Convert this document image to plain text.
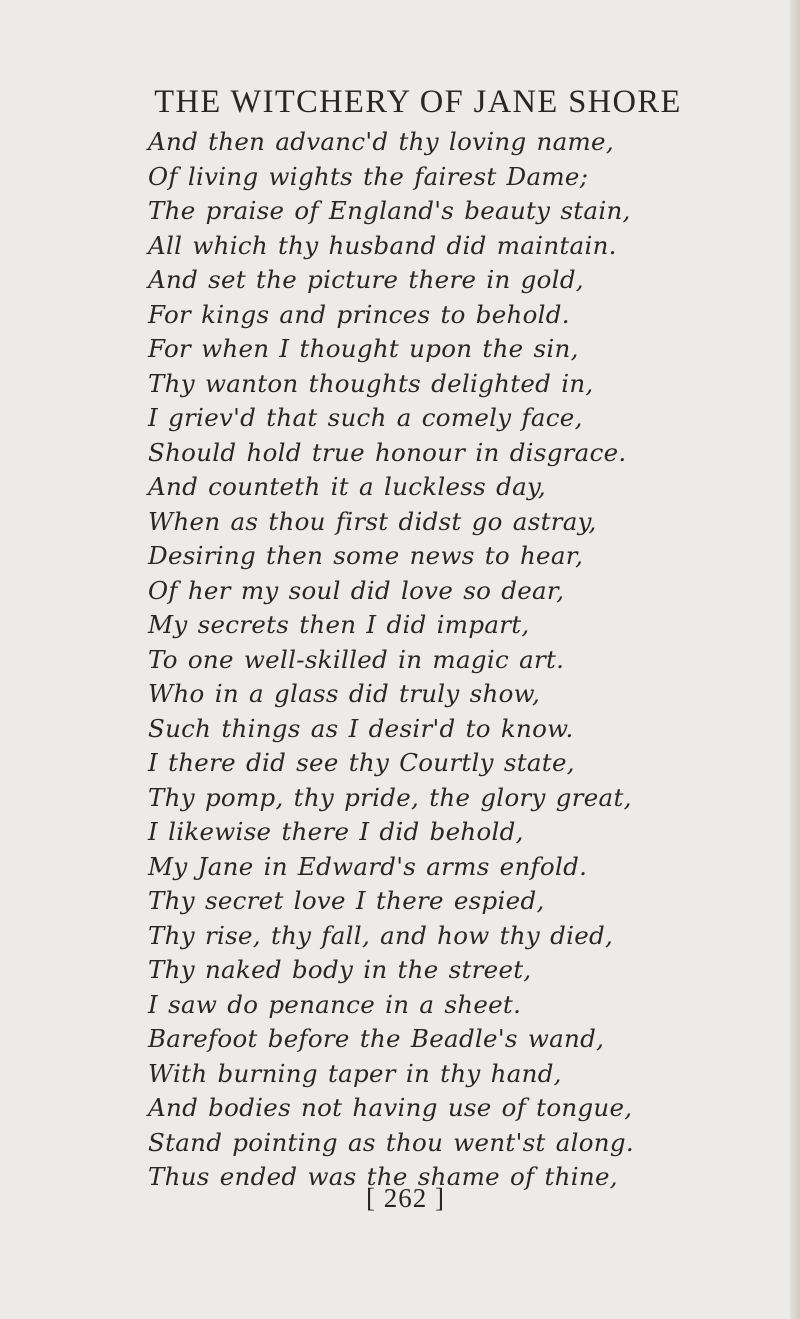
THE WITCHERY OF JANE SHORE
And then advanc'd thy loving name,
Of living wights the fairest Dame;
The praise of England's beauty stain,
All which thy husband did maintain.
And set the picture there in gold,
For kings and princes to behold.
For when I thought upon the sin,
Thy wanton thoughts delighted in,
I griev'd that such a comely face,
Should hold true honour in disgrace.
And counteth it a luckless day,
When as thou first didst go astray,
Desiring then some news to hear,
Of her my soul did love so dear,
My secrets then I did impart,
To one well-skilled in magic art.
Who in a glass did truly show,
Such things as I desir'd to know.
I there did see thy Courtly state,
Thy pomp, thy pride, the glory great,
I likewise there I did behold,
My Jane in Edward's arms enfold.
Thy secret love I there espied,
Thy rise, thy fall, and how thy died,
Thy naked body in the street,
I saw do penance in a sheet.
Barefoot before the Beadle's wand,
With burning taper in thy hand,
And bodies not having use of tongue,
Stand pointing as thou went'st along.
Thus ended was the shame of thine,
[ 262 ]
